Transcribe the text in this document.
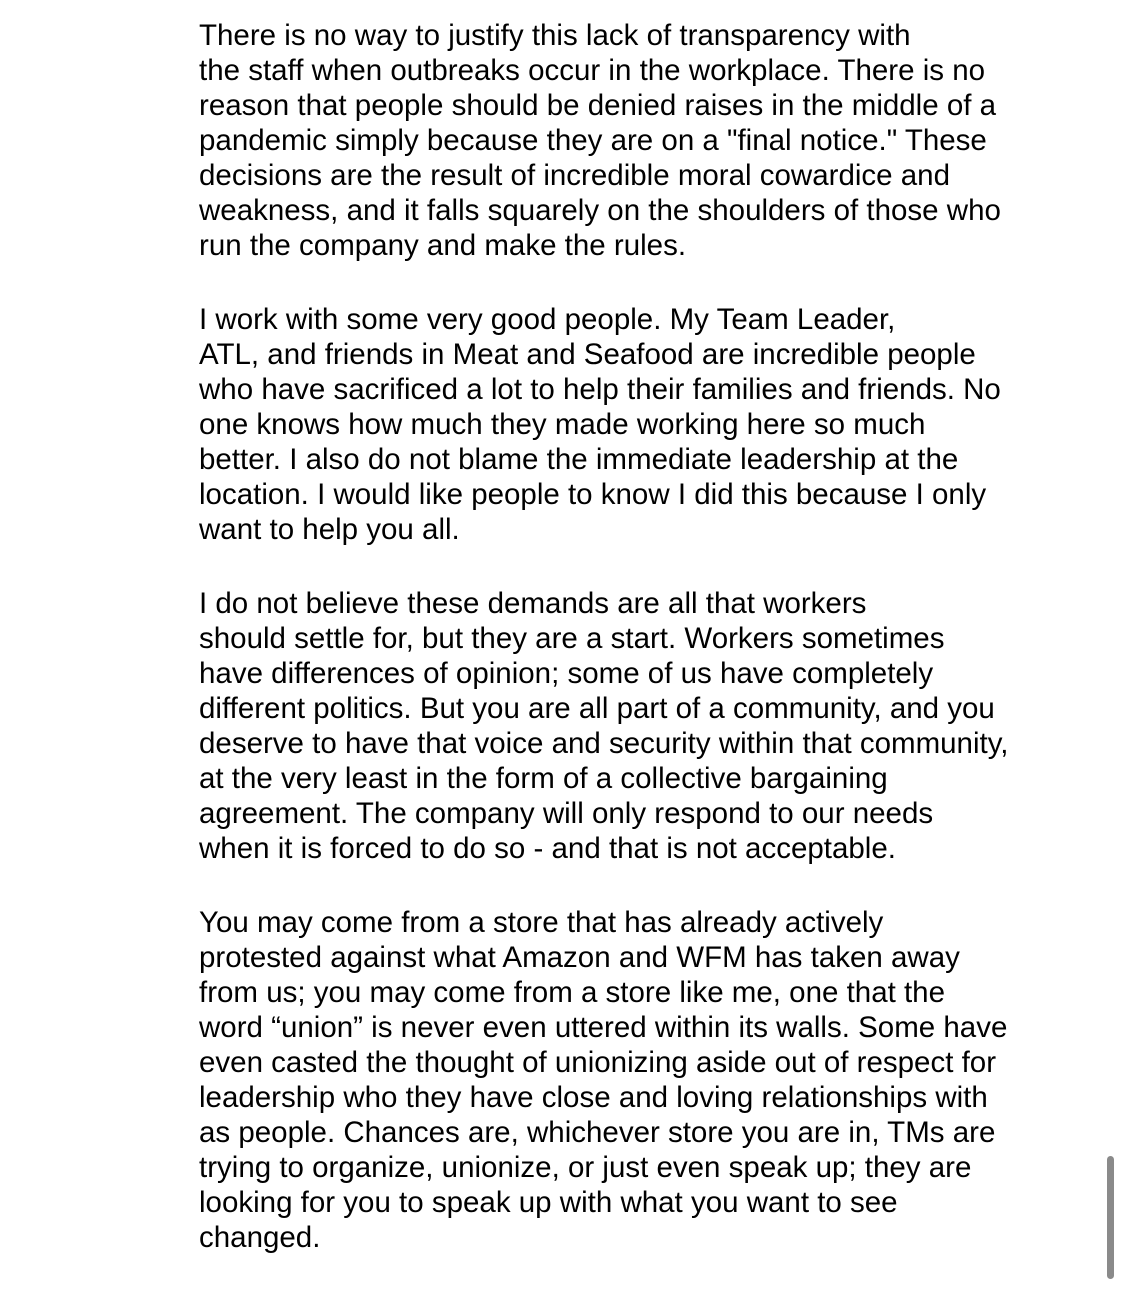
There is no way to justify this lack of transparency with
the staff when outbreaks occur in the workplace. There is no
reason that people should be denied raises in the middle of a
pandemic simply because they are on a "final notice." These
decisions are the result of incredible moral cowardice and
weakness, and it falls squarely on the shoulders of those who
run the company and make the rules.

I work with some very good people. My Team Leader,
ATL, and friends in Meat and Seafood are incredible people
who have sacrificed a lot to help their families and friends. No
one knows how much they made working here so much
better. I also do not blame the immediate leadership at the
location. I would like people to know I did this because I only
want to help you all.

I do not believe these demands are all that workers
should settle for, but they are a start. Workers sometimes
have differences of opinion; some of us have completely
different politics. But you are all part of a community, and you
deserve to have that voice and security within that community,
at the very least in the form of a collective bargaining
agreement. The company will only respond to our needs
when it is forced to do so - and that is not acceptable.

You may come from a store that has already actively
protested against what Amazon and WFM has taken away
from us; you may come from a store like me, one that the
word “union” is never even uttered within its walls. Some have
even casted the thought of unionizing aside out of respect for
leadership who they have close and loving relationships with
as people. Chances are, whichever store you are in, TMs are
trying to organize, unionize, or just even speak up; they are
looking for you to speak up with what you want to see
changed.
